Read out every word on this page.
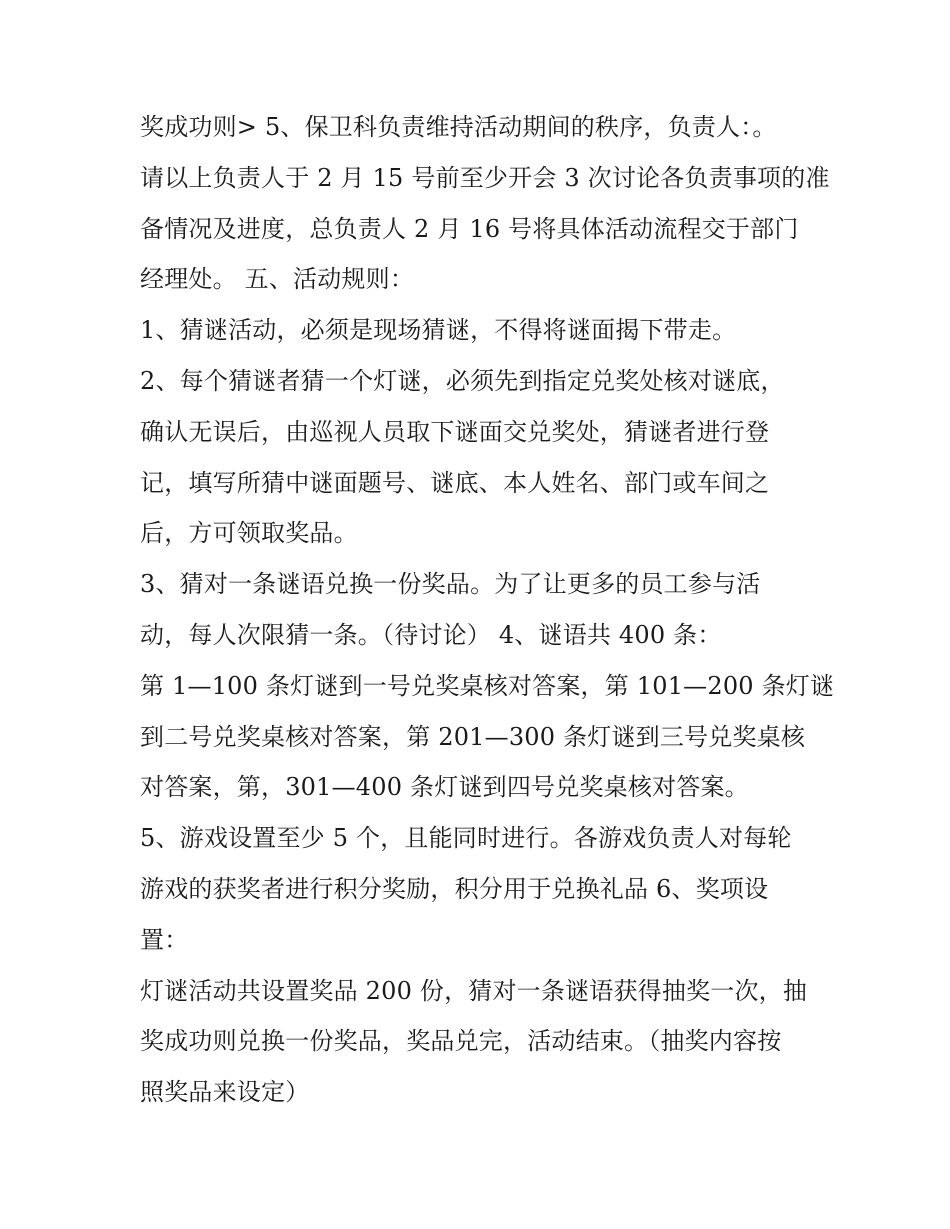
奖成功则> 5、保卫科负责维持活动期间的秩序，负责人：。
请以上负责人于 2 月 15 号前至少开会 3 次讨论各负责事项的准
备情况及进度，总负责人 2 月 16 号将具体活动流程交于部门
经理处。 五、活动规则：
1、猜谜活动，必须是现场猜谜，不得将谜面揭下带走。
2、每个猜谜者猜一个灯谜，必须先到指定兑奖处核对谜底，
确认无误后，由巡视人员取下谜面交兑奖处，猜谜者进行登
记，填写所猜中谜面题号、谜底、本人姓名、部门或车间之
后，方可领取奖品。
3、猜对一条谜语兑换一份奖品。为了让更多的员工参与活
动，每人次限猜一条。（待讨论） 4、谜语共 400 条：
第 1—100 条灯谜到一号兑奖桌核对答案，第 101—200 条灯谜
到二号兑奖桌核对答案，第 201—300 条灯谜到三号兑奖桌核
对答案，第，301—400 条灯谜到四号兑奖桌核对答案。
5、游戏设置至少 5 个，且能同时进行。各游戏负责人对每轮
游戏的获奖者进行积分奖励，积分用于兑换礼品 6、奖项设
置：
灯谜活动共设置奖品 200 份，猜对一条谜语获得抽奖一次，抽
奖成功则兑换一份奖品，奖品兑完，活动结束。（抽奖内容按
照奖品来设定）
